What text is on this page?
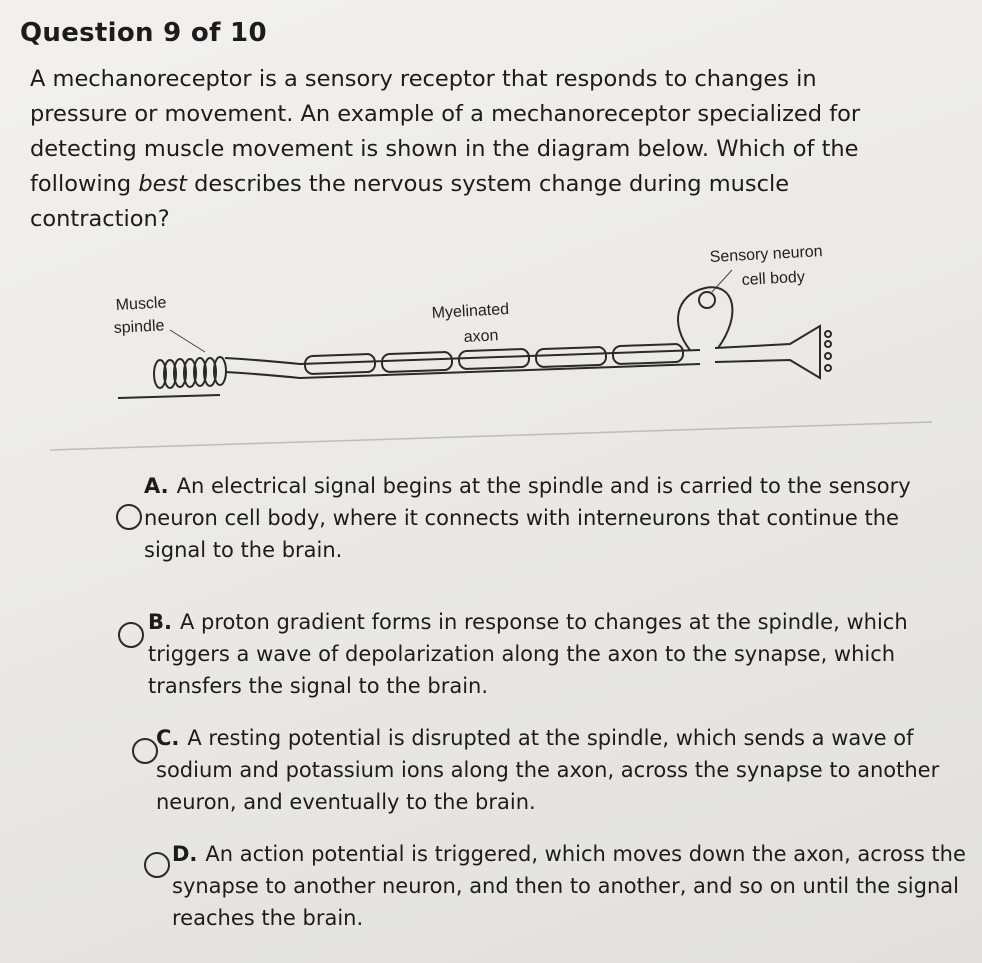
Question 9 of 10
A mechanoreceptor is a sensory receptor that responds to changes in pressure or movement. An example of a mechanoreceptor specialized for detecting muscle movement is shown in the diagram below. Which of the following best describes the nervous system change during muscle contraction?
Muscle
spindle
Myelinated
axon
Sensory neuron
cell body
A. An electrical signal begins at the spindle and is carried to the sensory neuron cell body, where it connects with interneurons that continue the signal to the brain.
B. A proton gradient forms in response to changes at the spindle, which triggers a wave of depolarization along the axon to the synapse, which transfers the signal to the brain.
C. A resting potential is disrupted at the spindle, which sends a wave of sodium and potassium ions along the axon, across the synapse to another neuron, and eventually to the brain.
D. An action potential is triggered, which moves down the axon, across the synapse to another neuron, and then to another, and so on until the signal reaches the brain.
